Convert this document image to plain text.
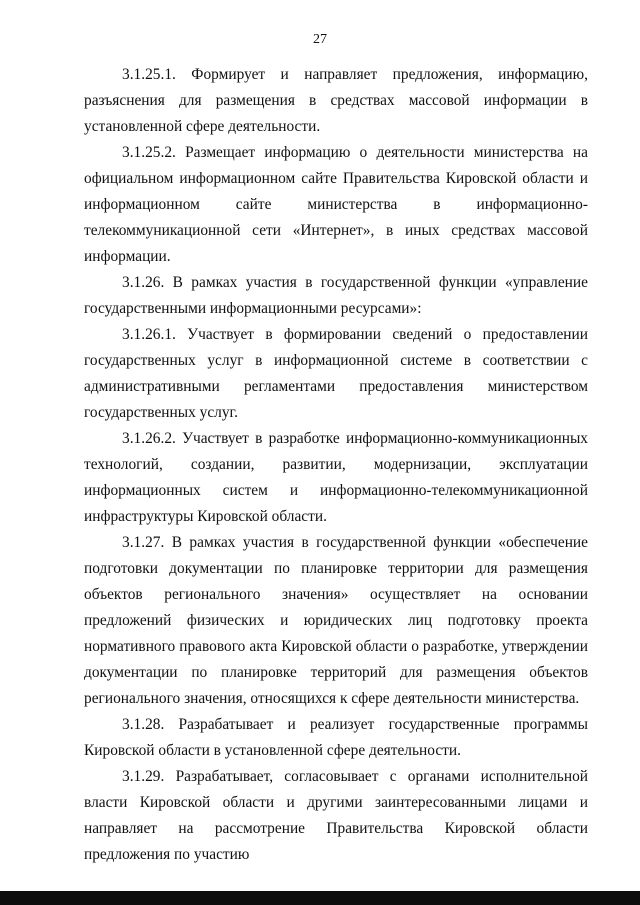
27

3.1.25.1. Формирует и направляет предложения, информацию, разъяснения для размещения в средствах массовой информации в установленной сфере деятельности.

3.1.25.2. Размещает информацию о деятельности министерства на официальном информационном сайте Правительства Кировской области и информационном сайте министерства в информационно-телекоммуникационной сети «Интернет», в иных средствах массовой информации.

3.1.26. В рамках участия в государственной функции «управление государственными информационными ресурсами»:

3.1.26.1. Участвует в формировании сведений о предоставлении государственных услуг в информационной системе в соответствии с административными регламентами предоставления министерством государственных услуг.

3.1.26.2. Участвует в разработке информационно-коммуникационных технологий, создании, развитии, модернизации, эксплуатации информационных систем и информационно-телекоммуникационной инфраструктуры Кировской области.

3.1.27. В рамках участия в государственной функции «обеспечение подготовки документации по планировке территории для размещения объектов регионального значения» осуществляет на основании предложений физических и юридических лиц подготовку проекта нормативного правового акта Кировской области о разработке, утверждении документации по планировке территорий для размещения объектов регионального значения, относящихся к сфере деятельности министерства.

3.1.28. Разрабатывает и реализует государственные программы Кировской области в установленной сфере деятельности.

3.1.29. Разрабатывает, согласовывает с органами исполнительной власти Кировской области и другими заинтересованными лицами и направляет на рассмотрение Правительства Кировской области предложения по участию
